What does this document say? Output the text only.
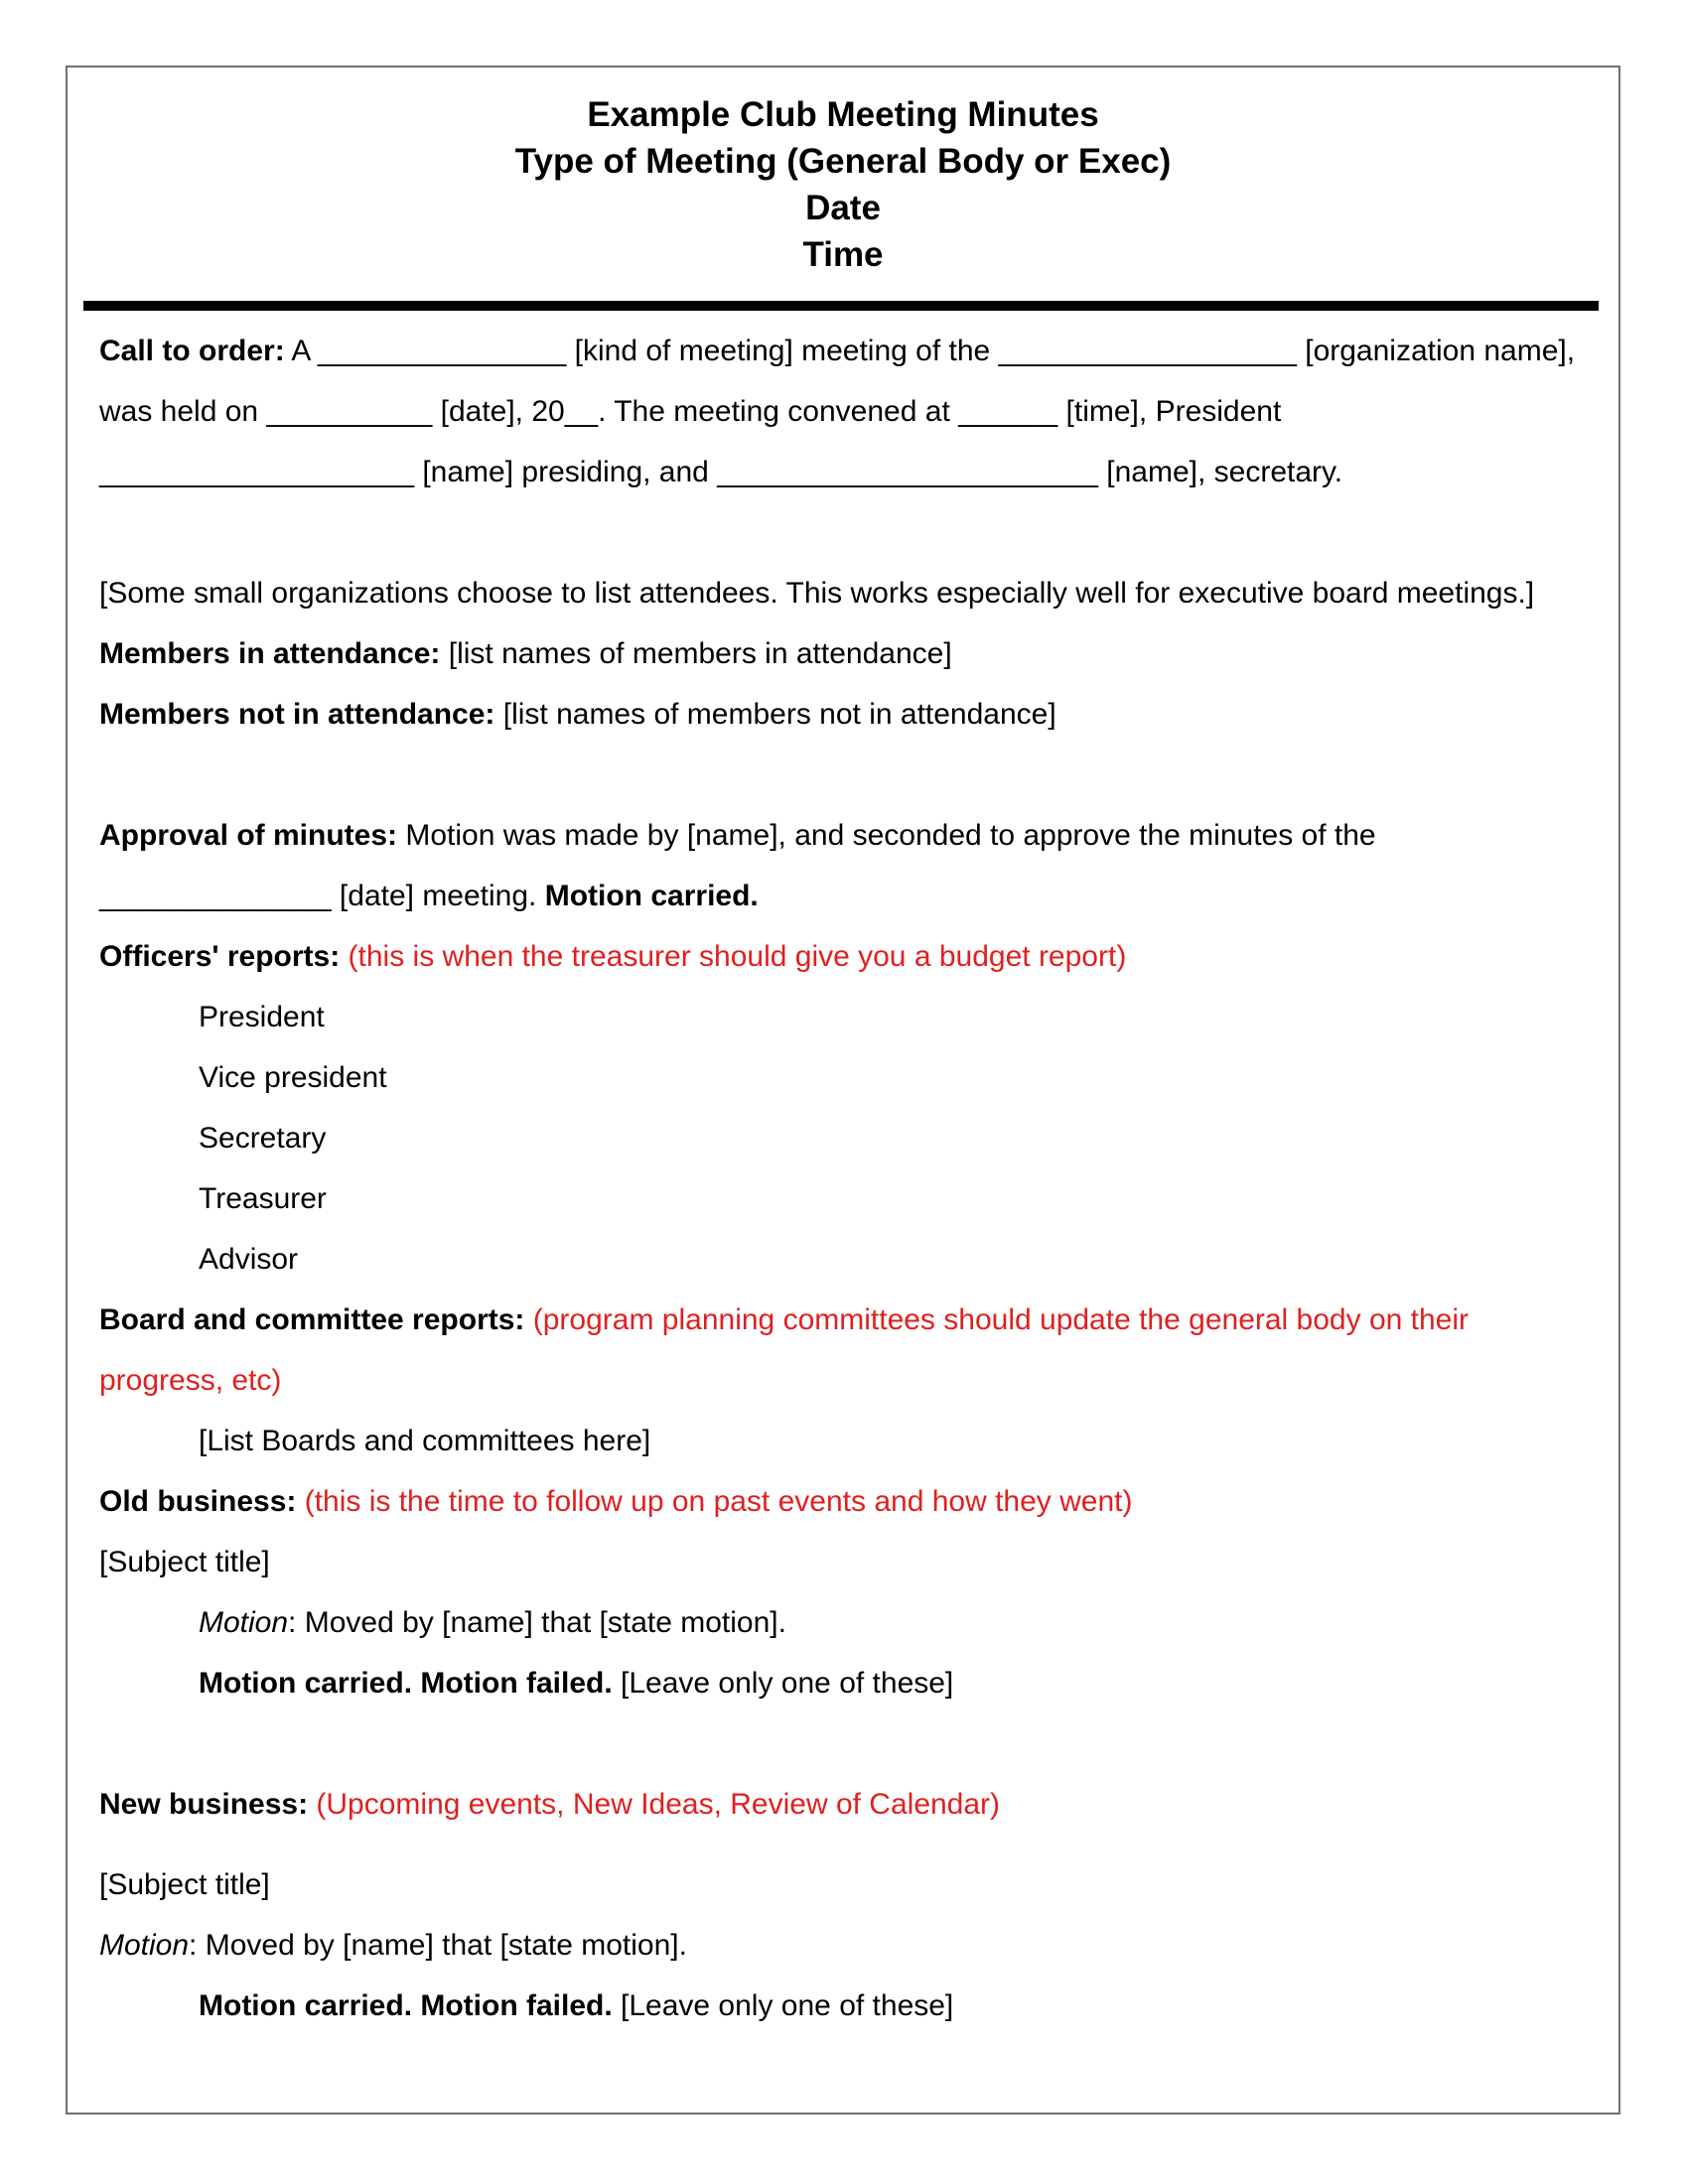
Example Club Meeting Minutes
Type of Meeting (General Body or Exec)
Date
Time
Call to order: A _______________ [kind of meeting] meeting of the __________________ [organization name],
was held on __________ [date], 20__. The meeting convened at ______ [time], President
___________________ [name] presiding, and _______________________ [name], secretary.
[Some small organizations choose to list attendees. This works especially well for executive board meetings.]
Members in attendance: [list names of members in attendance]
Members not in attendance: [list names of members not in attendance]
Approval of minutes: Motion was made by [name], and seconded to approve the minutes of the
______________ [date] meeting. Motion carried.
Officers' reports: (this is when the treasurer should give you a budget report)
President
Vice president
Secretary
Treasurer
Advisor
Board and committee reports: (program planning committees should update the general body on their
progress, etc)
[List Boards and committees here]
Old business: (this is the time to follow up on past events and how they went)
[Subject title]
Motion: Moved by [name] that [state motion].
Motion carried. Motion failed. [Leave only one of these]
New business: (Upcoming events, New Ideas, Review of Calendar)
[Subject title]
Motion: Moved by [name] that [state motion].
Motion carried. Motion failed. [Leave only one of these]
